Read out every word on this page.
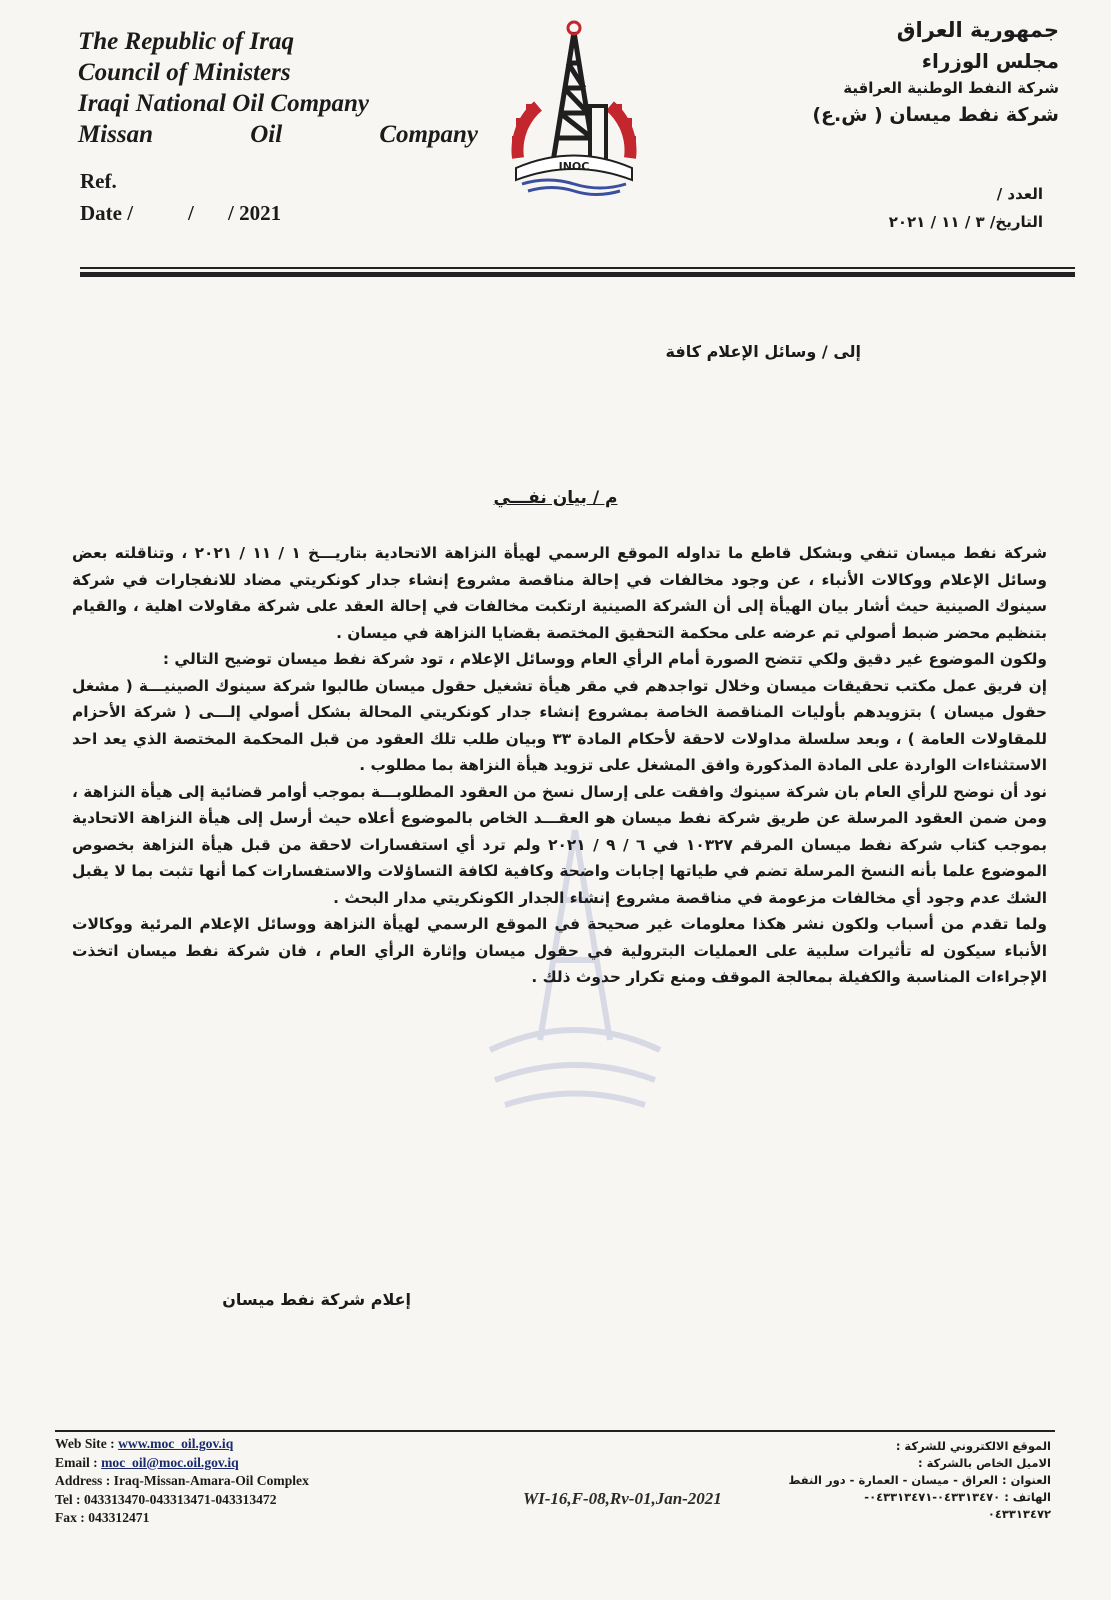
The Republic of Iraq
Council of Ministers
Iraqi National Oil Company
Missan	Oil	Company
Ref.
Date /	/	/ 2021
INOC
جمهورية العراق
مجلس الوزراء
شركة النفط الوطنية العراقية
شركة نفط ميسان ( ش.ع)
العدد /
التاريخ/ ٣ / ١١ / ٢٠٢١
إلى / وسائل الإعلام كافة
م / بيان نفـــي

شركة نفط ميسان تنفي وبشكل قاطع ما تداوله الموقع الرسمي لهيأة النزاهة الاتحادية بتاريـــخ ١ / ١١ / ٢٠٢١ ، وتناقلته بعض وسائل الإعلام ووكالات الأنباء ، عن وجود مخالفات في إحالة مناقصة مشروع إنشاء جدار كونكريتي مضاد للانفجارات في شركة سينوك الصينية حيث أشار بيان الهيأة إلى أن الشركة الصينية ارتكبت مخالفات في إحالة العقد على شركة مقاولات اهلية ، والقيام بتنظيم محضر ضبط أصولي تم عرضه على محكمة التحقيق المختصة بقضايا النزاهة في ميسان .

ولكون الموضوع غير دقيق ولكي تتضح الصورة أمام الرأي العام ووسائل الإعلام ، تود شركة نفط ميسان توضيح التالي :

إن فريق عمل مكتب تحقيقات ميسان وخلال تواجدهم في مقر هيأة تشغيل حقول ميسان طالبوا شركة سينوك الصينيـــة ( مشغل حقول ميسان ) بتزويدهم بأوليات المناقصة الخاصة بمشروع إنشاء جدار كونكريتي المحالة بشكل أصولي إلـــى ( شركة الأحزام للمقاولات العامة ) ، وبعد سلسلة مداولات لاحقة لأحكام المادة ٣٣ وبيان طلب تلك العقود من قبل المحكمة المختصة الذي يعد احد الاستثناءات الواردة على المادة المذكورة وافق المشغل على تزويد هيأة النزاهة بما مطلوب .

نود أن نوضح للرأي العام بان شركة سينوك وافقت على إرسال نسخ من العقود المطلوبـــة بموجب أوامر قضائية إلى هيأة النزاهة ، ومن ضمن العقود المرسلة عن طريق شركة نفط ميسان هو العقـــد الخاص بالموضوع أعلاه حيث أرسل إلى هيأة النزاهة الاتحادية بموجب كتاب شركة نفط ميسان المرقم ١٠٣٢٧ في ٦ / ٩ / ٢٠٢١ ولم ترد أي استفسارات لاحقة من قبل هيأة النزاهة بخصوص الموضوع علما بأنه النسخ المرسلة تضم في طياتها إجابات واضحة وكافية لكافة التساؤلات والاستفسارات كما أنها تثبت بما لا يقبل الشك عدم وجود أي مخالفات مزعومة في مناقصة مشروع إنشاء الجدار الكونكريتي مدار البحث .

ولما تقدم من أسباب ولكون نشر هكذا معلومات غير صحيحة في الموقع الرسمي لهيأة النزاهة ووسائل الإعلام المرئية ووكالات الأنباء سيكون له تأثيرات سلبية على العمليات البترولية في حقول ميسان وإثارة الرأي العام ، فان شركة نفط ميسان اتخذت الإجراءات المناسبة والكفيلة بمعالجة الموقف ومنع تكرار حدوث ذلك .

إعلام شركة نفط ميسان
Web Site : www.moc_oil.gov.iq
Email : moc_oil@moc.oil.gov.iq
Address : Iraq-Missan-Amara-Oil Complex
Tel : 043313470-043313471-043313472
Fax : 043312471
WI-16,F-08,Rv-01,Jan-2021
الموقع الالكتروني للشركة :
الاميل الخاص بالشركة :
العنوان : العراق - ميسان - العمارة - دور النفط
الهاتف : ٠٤٣٣١٣٤٧٠-٠٤٣٣١٣٤٧١-
٠٤٣٣١٣٤٧٢
